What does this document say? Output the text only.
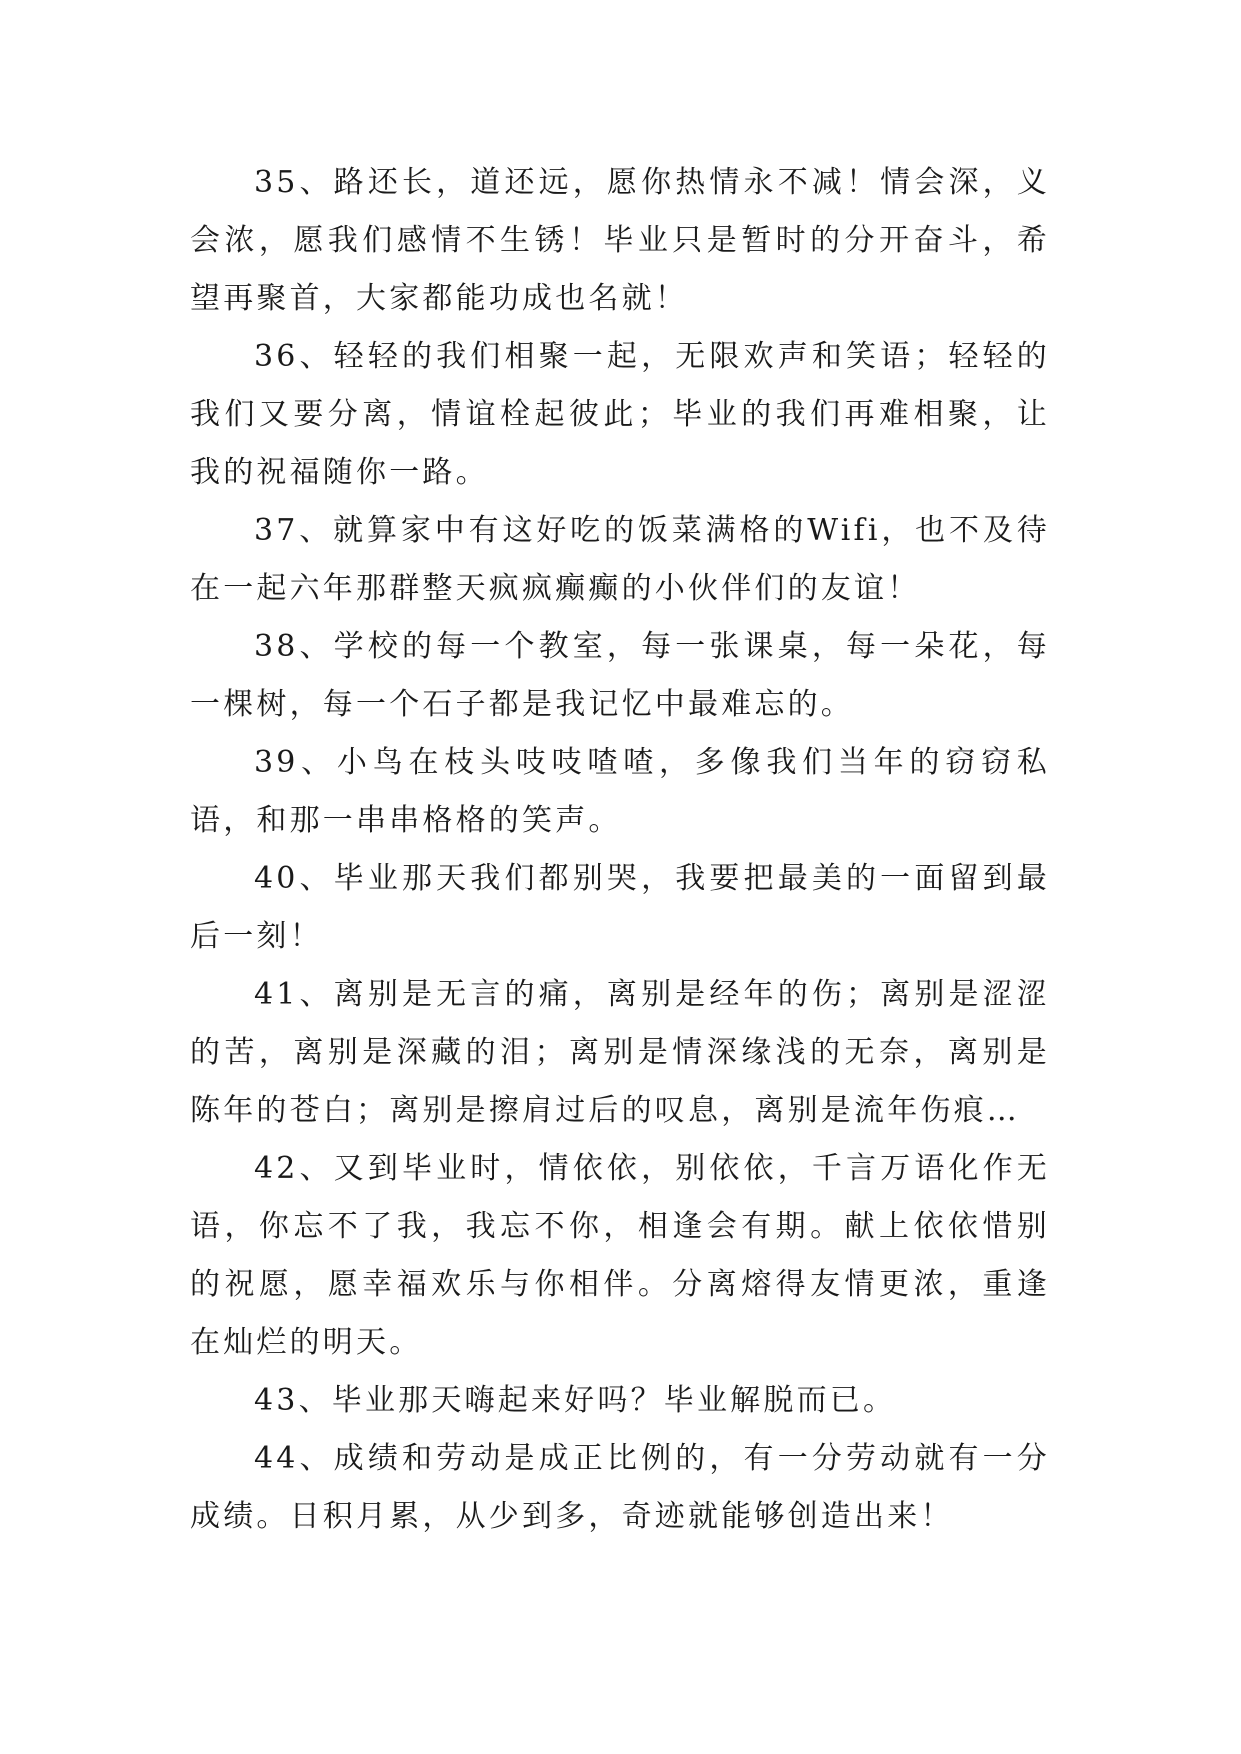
35、路还长，道还远，愿你热情永不减！情会深，义会浓，愿我们感情不生锈！毕业只是暂时的分开奋斗，希望再聚首，大家都能功成也名就！

36、轻轻的我们相聚一起，无限欢声和笑语；轻轻的我们又要分离，情谊栓起彼此；毕业的我们再难相聚，让我的祝福随你一路。

37、就算家中有这好吃的饭菜满格的Wifi，也不及待在一起六年那群整天疯疯癫癫的小伙伴们的友谊！

38、学校的每一个教室，每一张课桌，每一朵花，每一棵树，每一个石子都是我记忆中最难忘的。

39、小鸟在枝头吱吱喳喳，多像我们当年的窃窃私语，和那一串串格格的笑声。

40、毕业那天我们都别哭，我要把最美的一面留到最后一刻！

41、离别是无言的痛，离别是经年的伤；离别是涩涩的苦，离别是深藏的泪；离别是情深缘浅的无奈，离别是陈年的苍白；离别是擦肩过后的叹息，离别是流年伤痕…

42、又到毕业时，情依依，别依依，千言万语化作无语，你忘不了我，我忘不你，相逢会有期。献上依依惜别的祝愿，愿幸福欢乐与你相伴。分离熔得友情更浓，重逢在灿烂的明天。

43、毕业那天嗨起来好吗？毕业解脱而已。

44、成绩和劳动是成正比例的，有一分劳动就有一分成绩。日积月累，从少到多，奇迹就能够创造出来！
